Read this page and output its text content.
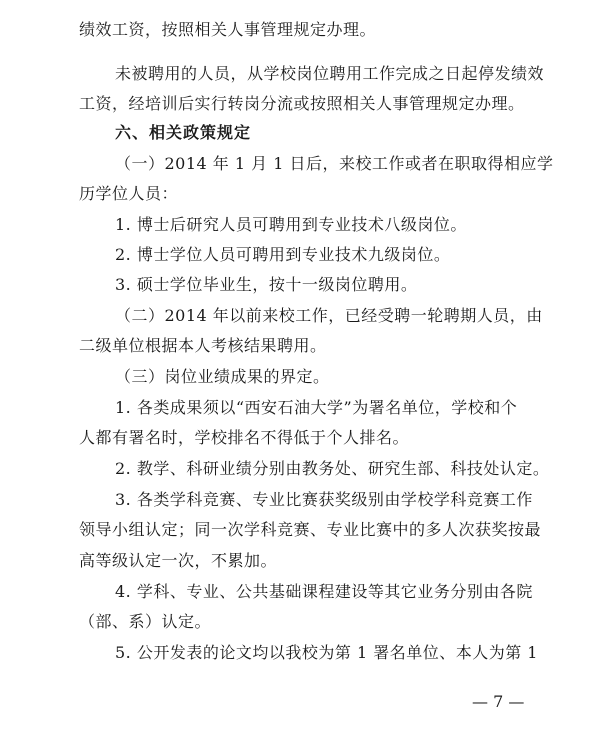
绩效工资，按照相关人事管理规定办理。
未被聘用的人员，从学校岗位聘用工作完成之日起停发绩效
工资，经培训后实行转岗分流或按照相关人事管理规定办理。
六、相关政策规定
（一）2014 年 1 月 1 日后，来校工作或者在职取得相应学
历学位人员：
1. 博士后研究人员可聘用到专业技术八级岗位。
2. 博士学位人员可聘用到专业技术九级岗位。
3. 硕士学位毕业生，按十一级岗位聘用。
（二）2014 年以前来校工作，已经受聘一轮聘期人员，由
二级单位根据本人考核结果聘用。
（三）岗位业绩成果的界定。
1. 各类成果须以“西安石油大学”为署名单位，学校和个
人都有署名时，学校排名不得低于个人排名。
2. 教学、科研业绩分别由教务处、研究生部、科技处认定。
3. 各类学科竞赛、专业比赛获奖级别由学校学科竞赛工作
领导小组认定；同一次学科竞赛、专业比赛中的多人次获奖按最
高等级认定一次，不累加。
4. 学科、专业、公共基础课程建设等其它业务分别由各院
（部、系）认定。
5. 公开发表的论文均以我校为第 1 署名单位、本人为第 1
— 7 —
